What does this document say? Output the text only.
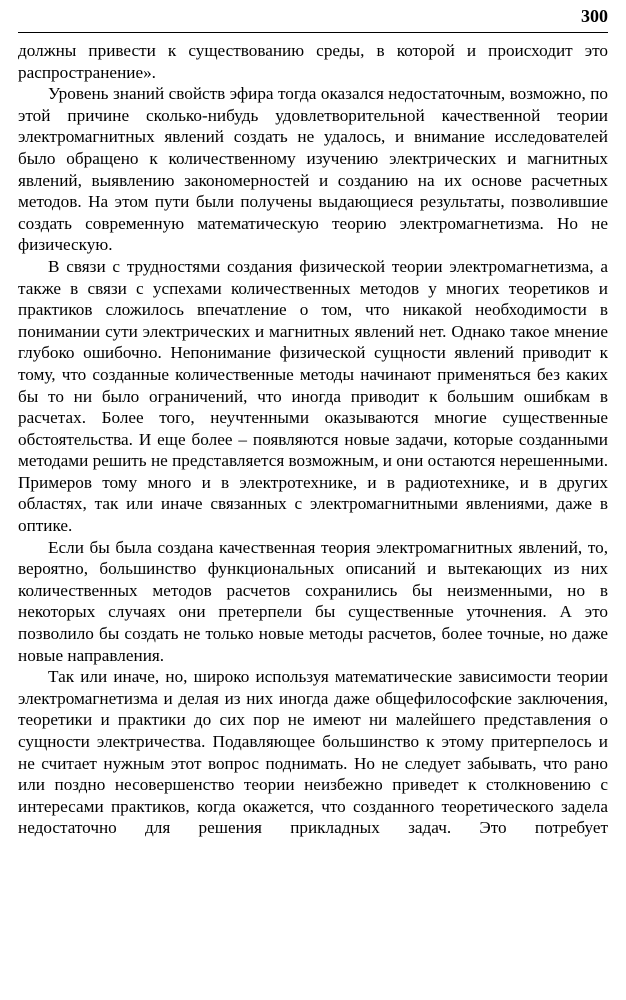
300

должны привести к существованию среды, в которой и происходит это распространение».

Уровень знаний свойств эфира тогда оказался недостаточным, возможно, по этой причине сколько-нибудь удовлетворительной качественной теории электромагнитных явлений создать не удалось, и внимание исследователей было обращено к количественному изучению электрических и магнитных явлений, выявлению закономерностей и созданию на их основе расчетных методов. На этом пути были получены выдающиеся результаты, позволившие создать современную математическую теорию электромагнетизма. Но не физическую.

В связи с трудностями создания физической теории электромагнетизма, а также в связи с успехами количественных методов у многих теоретиков и практиков сложилось впечатление о том, что никакой необходимости в понимании сути электрических и магнитных явлений нет. Однако такое мнение глубоко ошибочно. Непонимание физической сущности явлений приводит к тому, что созданные количественные методы начинают применяться без каких бы то ни было ограничений, что иногда приводит к большим ошибкам в расчетах. Более того, неучтенными оказываются многие существенные обстоятельства. И еще более – появляются новые задачи, которые созданными методами решить не представляется возможным, и они остаются нерешенными. Примеров тому много и в электротехнике, и в радиотехнике, и в других областях, так или иначе связанных с электромагнитными явлениями, даже в оптике.

Если бы была создана качественная теория электромагнитных явлений, то, вероятно, большинство функциональных описаний и вытекающих из них количественных методов расчетов сохранились бы неизменными, но в некоторых случаях они претерпели бы существенные уточнения. А это позволило бы создать не только новые методы расчетов, более точные, но даже новые направления.

Так или иначе, но, широко используя математические зависимости теории электромагнетизма и делая из них иногда даже общефилософские заключения, теоретики и практики до сих пор не имеют ни малейшего представления о сущности электричества. Подавляющее большинство к этому притерпелось и не считает нужным этот вопрос поднимать. Но не следует забывать, что рано или поздно несовершенство теории неизбежно приведет к столкновению с интересами практиков, когда окажется, что созданного теоретического задела недостаточно для решения прикладных задач. Это потребует
